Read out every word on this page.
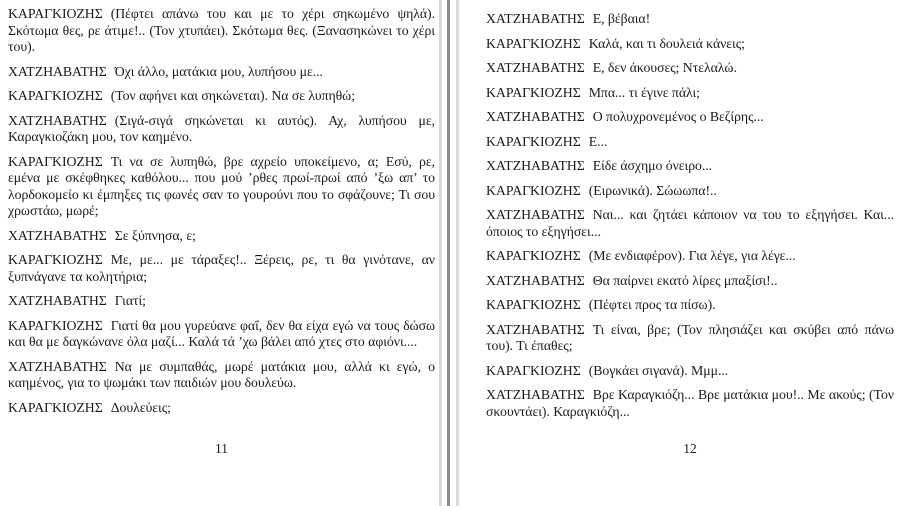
ΚΑΡΑΓΚΙΟΖΗΣ (Πέφτει απάνω του και με το χέρι σηκωμένο ψηλά). Σκότωμα θες, ρε άτιμε!.. (Τον χτυπάει). Σκότωμα θες. (Ξανασηκώνει το χέρι του).

ΧΑΤΖΗΑΒΑΤΗΣ Όχι άλλο, ματάκια μου, λυπήσου με...

ΚΑΡΑΓΚΙΟΖΗΣ (Τον αφήνει και σηκώνεται). Να σε λυπηθώ;

ΧΑΤΖΗΑΒΑΤΗΣ (Σιγά-σιγά σηκώνεται κι αυτός). Αχ, λυπήσου με, Καραγκιοζάκη μου, τον καημένο.

ΚΑΡΑΓΚΙΟΖΗΣ Τι να σε λυπηθώ, βρε αχρείο υποκείμενο, α; Εσύ, ρε, εμένα με σκέφθηκες καθόλου... που μού ’ρθες πρωί-πρωί από ’ξω απ’ το λορδοκομείο κι έμπηξες τις φωνές σαν το γουρούνι που το σφάζουνε; Τι σου χρωστάω, μωρέ;

ΧΑΤΖΗΑΒΑΤΗΣ Σε ξύπνησα, ε;

ΚΑΡΑΓΚΙΟΖΗΣ Με, με... με τάραξες!.. Ξέρεις, ρε, τι θα γινότανε, αν ξυπνάγανε τα κολητήρια;

ΧΑΤΖΗΑΒΑΤΗΣ Γιατί;

ΚΑΡΑΓΚΙΟΖΗΣ Γιατί θα μου γυρεύανε φαΐ, δεν θα είχα εγώ να τους δώσω και θα με δαγκώνανε όλα μαζί... Καλά τά ’χω βάλει από χτες στο αφιόνι....

ΧΑΤΖΗΑΒΑΤΗΣ Να με συμπαθάς, μωρέ ματάκια μου, αλλά κι εγώ, ο καημένος, για το ψωμάκι των παιδιών μου δουλεύω.

ΚΑΡΑΓΚΙΟΖΗΣ Δουλεύεις;

11

ΧΑΤΖΗΑΒΑΤΗΣ Ε, βέβαια!

ΚΑΡΑΓΚΙΟΖΗΣ Καλά, και τι δουλειά κάνεις;

ΧΑΤΖΗΑΒΑΤΗΣ Ε, δεν άκουσες; Ντελαλώ.

ΚΑΡΑΓΚΙΟΖΗΣ Μπα... τι έγινε πάλι;

ΧΑΤΖΗΑΒΑΤΗΣ Ο πολυχρονεμένος ο Βεζίρης...

ΚΑΡΑΓΚΙΟΖΗΣ Ε...

ΧΑΤΖΗΑΒΑΤΗΣ Είδε άσχημο όνειρο...

ΚΑΡΑΓΚΙΟΖΗΣ (Ειρωνικά). Σώωωπα!..

ΧΑΤΖΗΑΒΑΤΗΣ Ναι... και ζητάει κάποιον να του το εξηγήσει. Και... όποιος το εξηγήσει...

ΚΑΡΑΓΚΙΟΖΗΣ (Με ενδιαφέρον). Για λέγε, για λέγε...

ΧΑΤΖΗΑΒΑΤΗΣ Θα παίρνει εκατό λίρες μπαξίσι!..

ΚΑΡΑΓΚΙΟΖΗΣ (Πέφτει προς τα πίσω).

ΧΑΤΖΗΑΒΑΤΗΣ Τι είναι, βρε; (Τον πλησιάζει και σκύβει από πάνω του). Τι έπαθες;

ΚΑΡΑΓΚΙΟΖΗΣ (Βογκάει σιγανά). Μμμ...

ΧΑΤΖΗΑΒΑΤΗΣ Βρε Καραγκιόζη... Βρε ματάκια μου!.. Με ακούς; (Τον σκουντάει). Καραγκιόζη...

12
